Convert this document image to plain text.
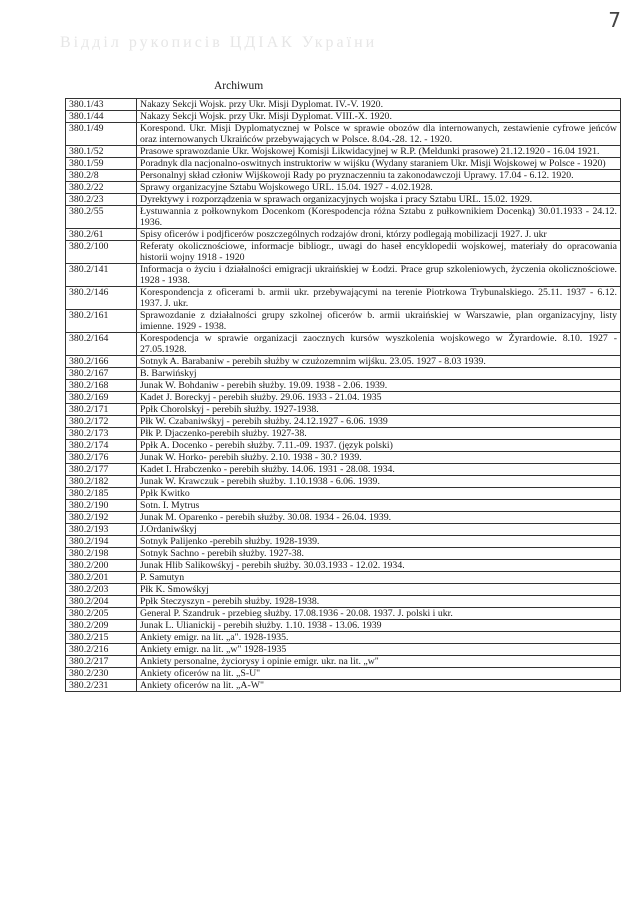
7
Відділ рукописів ЦДІАК України
Archiwum
380.1/43	Nakazy Sekcji Wojsk. przy Ukr. Misji Dyplomat. IV.-V. 1920.
380.1/44	Nakazy Sekcji Wojsk. przy Ukr. Misji Dyplomat. VIII.-X. 1920.
380.1/49	Korespond. Ukr. Misji Dyplomatycznej w Polsce w sprawie obozów dla internowanych, zestawienie cyfrowe jeńców oraz internowanych Ukraińców przebywających w Polsce. 8.04.-28. 12. - 1920.
380.1/52	Prasowe sprawozdanie Ukr. Wojskowej Komisji Likwidacyjnej w R.P. (Meldunki prasowe) 21.12.1920 - 16.04 1921.
380.1/59	Poradnyk dla nacjonalno-oswitnych instruktoriw w wijśku (Wydany staraniem Ukr. Misji Wojskowej w Polsce - 1920)
380.2/8	Personalnyj skład członiw Wijśkowoji Rady po pryznaczenniu ta zakonodawczoji Uprawy. 17.04 - 6.12. 1920.
380.2/22	Sprawy organizacyjne Sztabu Wojskowego URL. 15.04. 1927 - 4.02.1928.
380.2/23	Dyrektywy i rozporządzenia w sprawach organizacyjnych wojska i pracy Sztabu URL. 15.02. 1929.
380.2/55	Łystuwannia z połkownykom Docenkom (Korespodencja różna Sztabu z pułkownikiem Docenką) 30.01.1933 - 24.12. 1936.
380.2/61	Spisy oficerów i podjficerów poszczególnych rodzajów droni, którzy podlegają mobilizacji 1927. J. ukr
380.2/100	Referaty okolicznościowe, informacje bibliogr., uwagi do haseł encyklopedii wojskowej, materiały do opracowania historii wojny 1918 - 1920
380.2/141	Informacja o życiu i działalności emigracji ukraińskiej w Łodzi. Prace grup szkoleniowych, życzenia okolicznościowe. 1928 - 1938.
380.2/146	Korespondencja z oficerami b. armii ukr. przebywającymi na terenie Piotrkowa Trybunalskiego. 25.11. 1937 - 6.12. 1937. J. ukr.
380.2/161	Sprawozdanie z działalności grupy szkolnej oficerów b. armii ukraińskiej w Warszawie, plan organizacyjny, listy imienne. 1929 - 1938.
380.2/164	Korespodencja w sprawie organizacji zaocznych kursów wyszkolenia wojskowego w Żyrardowie. 8.10. 1927 - 27.05.1928.
380.2/166	Sotnyk A. Barabaniw - perebih służby w czużozemnim wijśku. 23.05. 1927 - 8.03 1939.
380.2/167	B. Barwińskyj
380.2/168	Junak W. Bohdaniw - perebih służby. 19.09. 1938 - 2.06. 1939.
380.2/169	Kadet J. Boreckyj - perebih służby. 29.06. 1933 - 21.04. 1935
380.2/171	Ppłk Chorolskyj - perebih służby. 1927-1938.
380.2/172	Płk W. Czabaniwśkyj - perebih służby. 24.12.1927 - 6.06. 1939
380.2/173	Płk P. Djaczenko-perebih służby. 1927-38.
380.2/174	Ppłk A. Docenko - perebih służby. 7.11.-09. 1937. (język polski)
380.2/176	Junak W. Horko- perebih służby. 2.10. 1938 - 30.? 1939.
380.2/177	Kadet I. Hrabczenko - perebih służby. 14.06. 1931 - 28.08. 1934.
380.2/182	Junak W. Krawczuk - perebih służby. 1.10.1938 - 6.06. 1939.
380.2/185	Ppłk Kwitko
380.2/190	Sotn. I. Mytrus
380.2/192	Junak M. Oparenko - perebih służby. 30.08. 1934 - 26.04. 1939.
380.2/193	J.Ordaniwśkyj
380.2/194	Sotnyk Palijenko -perebih służby. 1928-1939.
380.2/198	Sotnyk Sachno - perebih służby. 1927-38.
380.2/200	Junak Hlib Salikowśkyj - perebih służby. 30.03.1933 - 12.02. 1934.
380.2/201	P. Samutyn
380.2/203	Płk K. Smowśkyj
380.2/204	Ppłk Steczyszyn - perebih służby. 1928-1938.
380.2/205	General P. Szandruk - przebieg służby. 17.08.1936 - 20.08. 1937. J. polski i ukr.
380.2/209	Junak L. Ulianickij - perebih służby. 1.10. 1938 - 13.06. 1939
380.2/215	Ankiety emigr. na lit. „a". 1928-1935.
380.2/216	Ankiety emigr. na lit. „w" 1928-1935
380.2/217	Ankiety personalne, życiorysy i opinie emigr. ukr. na lit. „w"
380.2/230	Ankiety oficerów na lit. „S-U"
380.2/231	Ankiety oficerów na lit. „A-W"
